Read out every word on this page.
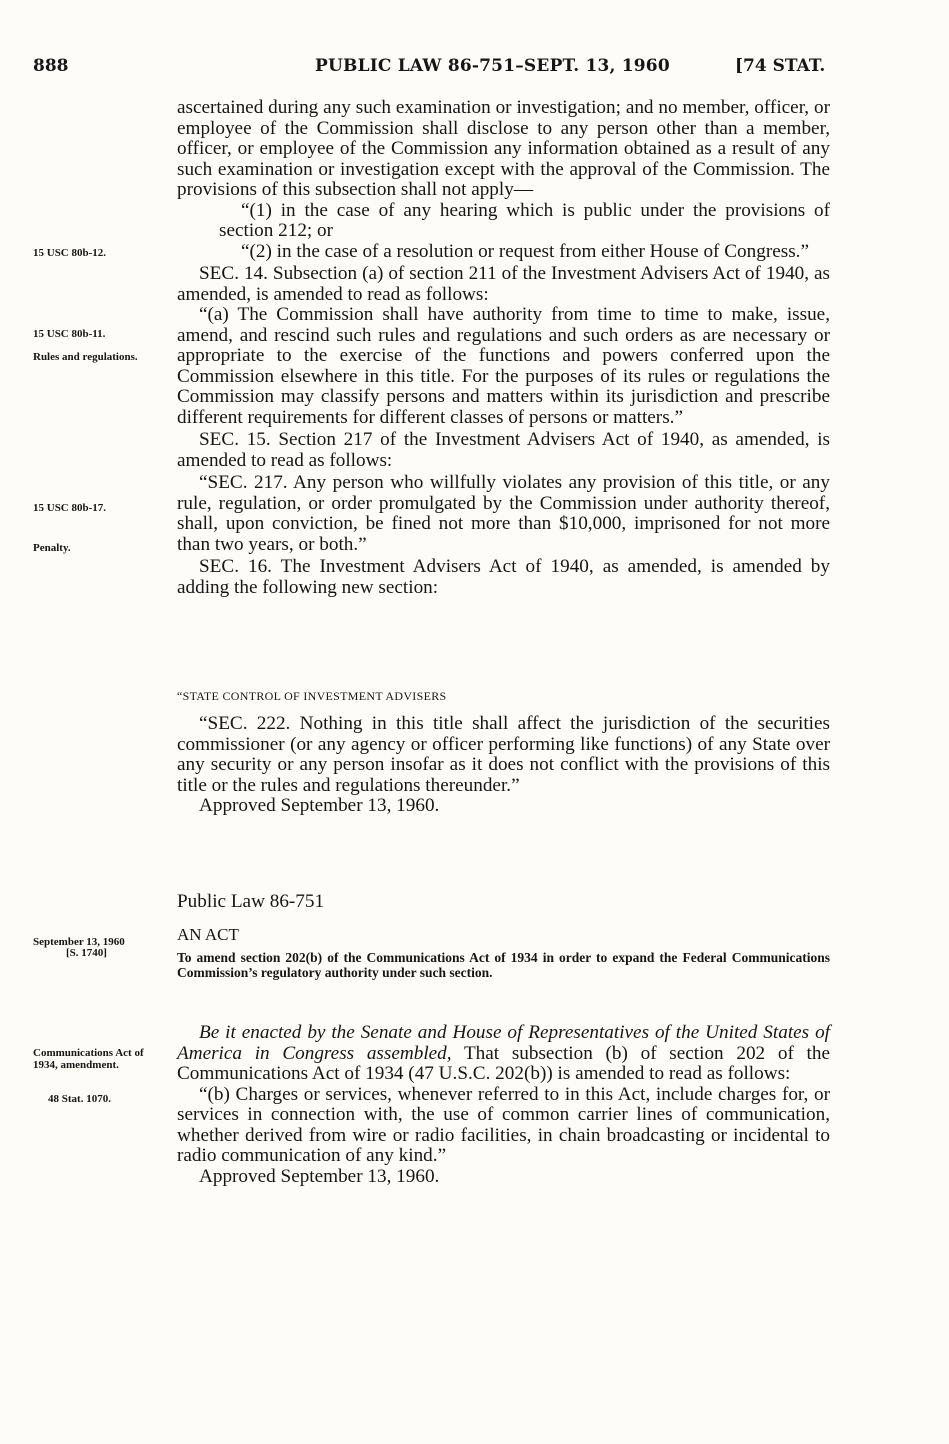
888	PUBLIC LAW 86-751–SEPT. 13, 1960	[74 STAT.
15 USC 80b-12.
15 USC 80b-11.
Rules and regulations.
15 USC 80b-17.
Penalty.
September 13, 1960
[S. 1740]
Communications Act of 1934, amendment.
48 Stat. 1070.

ascertained during any such examination or investigation; and no member, officer, or employee of the Commission shall disclose to any person other than a member, officer, or employee of the Commission any information obtained as a result of any such examination or investigation except with the approval of the Commission. The provisions of this subsection shall not apply—

“(1) in the case of any hearing which is public under the provisions of section 212; or

“(2) in the case of a resolution or request from either House of Congress.”

SEC. 14. Subsection (a) of section 211 of the Investment Advisers Act of 1940, as amended, is amended to read as follows:

“(a) The Commission shall have authority from time to time to make, issue, amend, and rescind such rules and regulations and such orders as are necessary or appropriate to the exercise of the functions and powers conferred upon the Commission elsewhere in this title. For the purposes of its rules or regulations the Commission may classify persons and matters within its jurisdiction and prescribe different requirements for different classes of persons or matters.”

SEC. 15. Section 217 of the Investment Advisers Act of 1940, as amended, is amended to read as follows:

“SEC. 217. Any person who willfully violates any provision of this title, or any rule, regulation, or order promulgated by the Commission under authority thereof, shall, upon conviction, be fined not more than $10,000, imprisoned for not more than two years, or both.”

SEC. 16. The Investment Advisers Act of 1940, as amended, is amended by adding the following new section:

“STATE CONTROL OF INVESTMENT ADVISERS

“SEC. 222. Nothing in this title shall affect the jurisdiction of the securities commissioner (or any agency or officer performing like functions) of any State over any security or any person insofar as it does not conflict with the provisions of this title or the rules and regulations thereunder.”

Approved September 13, 1960.

Public Law 86-751

AN ACT

To amend section 202(b) of the Communications Act of 1934 in order to expand the Federal Communications Commission’s regulatory authority under such section.

Be it enacted by the Senate and House of Representatives of the United States of America in Congress assembled, That subsection (b) of section 202 of the Communications Act of 1934 (47 U.S.C. 202(b)) is amended to read as follows:

“(b) Charges or services, whenever referred to in this Act, include charges for, or services in connection with, the use of common carrier lines of communication, whether derived from wire or radio facilities, in chain broadcasting or incidental to radio communication of any kind.”

Approved September 13, 1960.
